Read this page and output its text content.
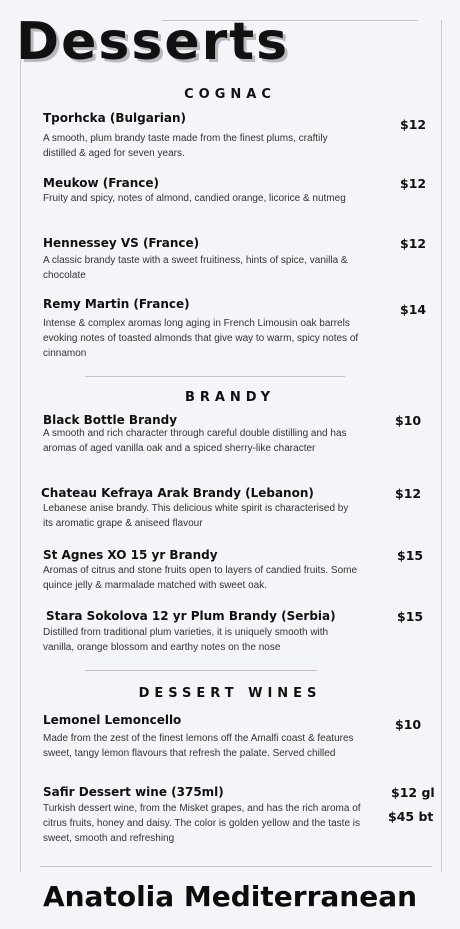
Desserts
COGNAC
Tporhcka (Bulgarian)	$12
A smooth, plum brandy taste made from the finest plums, craftily distilled & aged for seven years.
Meukow (France)	$12
Fruity and spicy, notes of almond, candied orange, licorice & nutmeg
Hennessey VS (France)	$12
A classic brandy taste with a sweet fruitiness, hints of spice, vanilla & chocolate
Remy Martin (France)	$14
Intense & complex aromas long aging in French Limousin oak barrels evoking notes of toasted almonds that give way to warm, spicy notes of cinnamon
BRANDY
Black Bottle Brandy	$10
A smooth and rich character through careful double distilling and has aromas of aged vanilla oak and a spiced sherry-like character
Chateau Kefraya Arak Brandy (Lebanon)	$12
Lebanese anise brandy. This delicious white spirit is characterised by its aromatic grape & aniseed flavour
St Agnes XO 15 yr Brandy	$15
Aromas of citrus and stone fruits open to layers of candied fruits. Some quince jelly & marmalade matched with sweet oak.
Stara Sokolova 12 yr Plum Brandy (Serbia)	$15
Distilled from traditional plum varieties, it is uniquely smooth with vanilla, orange blossom and earthy notes on the nose
DESSERT WINES
Lemonel Lemoncello	$10
Made from the zest of the finest lemons off the Amalfi coast & features sweet, tangy lemon flavours that refresh the palate. Served chilled
Safir Dessert wine (375ml)	$12 gl
$45 bt
Turkish dessert wine, from the Misket grapes, and has the rich aroma of citrus fruits, honey and daisy. The color is golden yellow and the taste is sweet, smooth and refreshing
Anatolia Mediterranean
